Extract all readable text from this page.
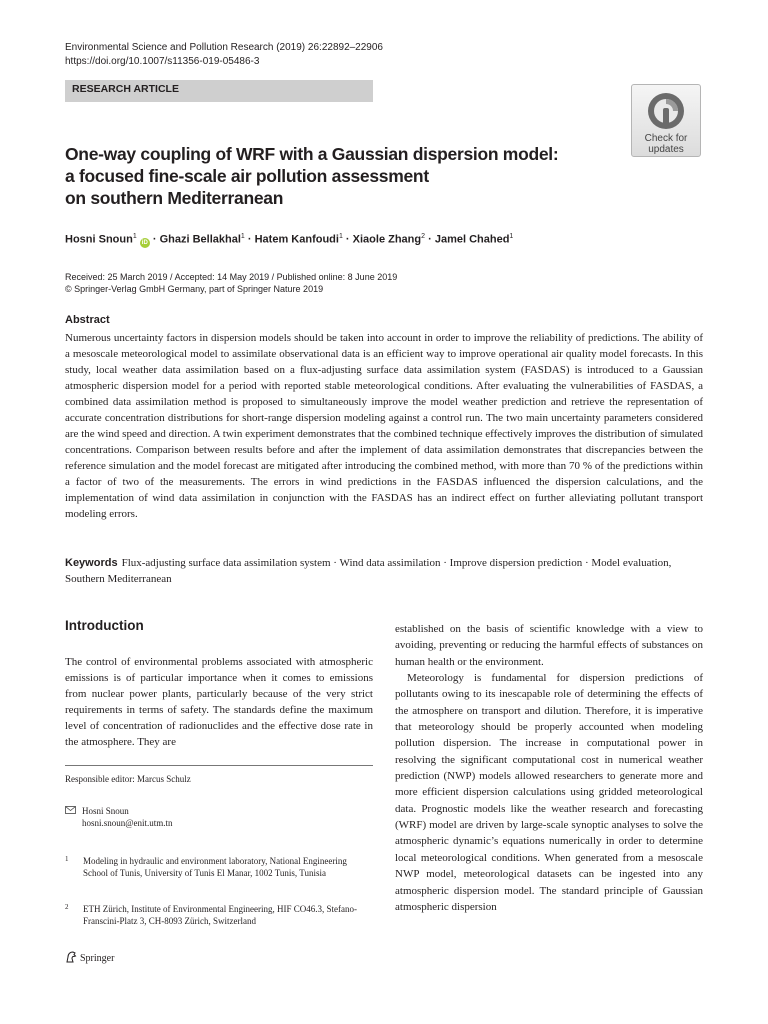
Environmental Science and Pollution Research (2019) 26:22892–22906
https://doi.org/10.1007/s11356-019-05486-3
RESEARCH ARTICLE
Check for
updates
One-way coupling of WRF with a Gaussian dispersion model:
a focused fine-scale air pollution assessment
on southern Mediterranean
Hosni Snoun$^1$ iD · Ghazi Bellakhal$^1$ · Hatem Kanfoudi$^1$ · Xiaole Zhang$^2$ · Jamel Chahed$^1$
Received: 25 March 2019 / Accepted: 14 May 2019 / Published online: 8 June 2019
© Springer-Verlag GmbH Germany, part of Springer Nature 2019
Abstract

Numerous uncertainty factors in dispersion models should be taken into account in order to improve the reliability of predictions. The ability of a mesoscale meteorological model to assimilate observational data is an efficient way to improve operational air quality model forecasts. In this study, local weather data assimilation based on a flux-adjusting surface data assimilation system (FASDAS) is introduced to a Gaussian atmospheric dispersion model for a period with reported stable meteorological conditions. After evaluating the vulnerabilities of FASDAS, a combined data assimilation method is proposed to simultaneously improve the model weather prediction and retrieve the representation of accurate concentration distributions for short-range dispersion modeling against a control run. The two main uncertainty parameters considered are the wind speed and direction. A twin experiment demonstrates that the combined technique effectively improves the distribution of simulated concentrations. Comparison between results before and after the implement of data assimilation demonstrates that discrepancies between the reference simulation and the model forecast are mitigated after introducing the combined method, with more than 70 % of the predictions within a factor of two of the measurements. The errors in wind predictions in the FASDAS influenced the dispersion calculations, and the implementation of wind data assimilation in conjunction with the FASDAS has an indirect effect on further alleviating pollutant transport modeling errors.

Keywords Flux-adjusting surface data assimilation system · Wind data assimilation · Improve dispersion prediction · Model evaluation, Southern Mediterranean

Introduction

The control of environmental problems associated with atmospheric emissions is of particular importance when it comes to emissions from nuclear power plants, particularly because of the very strict requirements in terms of safety. The standards define the maximum level of concentration of radionuclides and the effective dose rate in the atmosphere. They are

established on the basis of scientific knowledge with a view to avoiding, preventing or reducing the harmful effects of substances on human health or the environment.

Meteorology is fundamental for dispersion predictions of pollutants owing to its inescapable role of determining the effects of the atmosphere on transport and dilution. Therefore, it is imperative that meteorology should be properly accounted when modeling pollution dispersion. The increase in computational power in resolving the significant computational cost in numerical weather prediction (NWP) models allowed researchers to generate more and more efficient dispersion calculations using gridded meteorological data. Prognostic models like the weather research and forecasting (WRF) model are driven by large-scale synoptic analyses to solve the atmospheric dynamic’s equations numerically in order to determine local meteorological conditions. When generated from a mesoscale NWP model, meteorological datasets can be ingested into any atmospheric dispersion model. The standard principle of Gaussian atmospheric dispersion

Responsible editor: Marcus Schulz
Hosni Snoun
hosni.snoun@enit.utm.tn
1 Modeling in hydraulic and environment laboratory, National Engineering School of Tunis, University of Tunis El Manar, 1002 Tunis, Tunisia
2 ETH Zürich, Institute of Environmental Engineering, HIF CO46.3, Stefano-Franscini-Platz 3, CH-8093 Zürich, Switzerland
Springer
